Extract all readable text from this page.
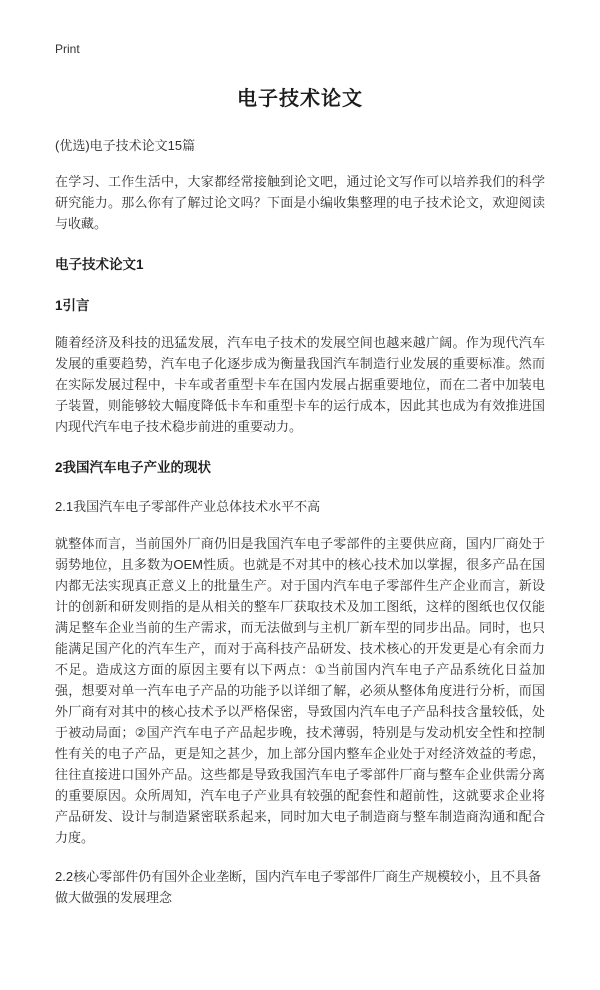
Print
电子技术论文

(优选)电子技术论文15篇

在学习、工作生活中，大家都经常接触到论文吧，通过论文写作可以培养我们的科学研究能力。那么你有了解过论文吗？下面是小编收集整理的电子技术论文，欢迎阅读与收藏。

电子技术论文1
1引言

随着经济及科技的迅猛发展，汽车电子技术的发展空间也越来越广阔。作为现代汽车发展的重要趋势，汽车电子化逐步成为衡量我国汽车制造行业发展的重要标准。然而在实际发展过程中，卡车或者重型卡车在国内发展占据重要地位，而在二者中加装电子装置，则能够较大幅度降低卡车和重型卡车的运行成本，因此其也成为有效推进国内现代汽车电子技术稳步前进的重要动力。

2我国汽车电子产业的现状

2.1我国汽车电子零部件产业总体技术水平不高

就整体而言，当前国外厂商仍旧是我国汽车电子零部件的主要供应商，国内厂商处于弱势地位，且多数为OEM性质。也就是不对其中的核心技术加以掌握，很多产品在国内都无法实现真正意义上的批量生产。对于国内汽车电子零部件生产企业而言，新设计的创新和研发则指的是从相关的整车厂获取技术及加工图纸，这样的图纸也仅仅能满足整车企业当前的生产需求，而无法做到与主机厂新车型的同步出品。同时，也只能满足国产化的汽车生产，而对于高科技产品研发、技术核心的开发更是心有余而力不足。造成这方面的原因主要有以下两点：①当前国内汽车电子产品系统化日益加强，想要对单一汽车电子产品的功能予以详细了解，必须从整体角度进行分析，而国外厂商有对其中的核心技术予以严格保密，导致国内汽车电子产品科技含量较低，处于被动局面；②国产汽车电子产品起步晚，技术薄弱，特别是与发动机安全性和控制性有关的电子产品，更是知之甚少，加上部分国内整车企业处于对经济效益的考虑，往往直接进口国外产品。这些都是导致我国汽车电子零部件厂商与整车企业供需分离的重要原因。众所周知，汽车电子产业具有较强的配套性和超前性，这就要求企业将产品研发、设计与制造紧密联系起来，同时加大电子制造商与整车制造商沟通和配合力度。

2.2核心零部件仍有国外企业垄断，国内汽车电子零部件厂商生产规模较小，且不具备做大做强的发展理念
